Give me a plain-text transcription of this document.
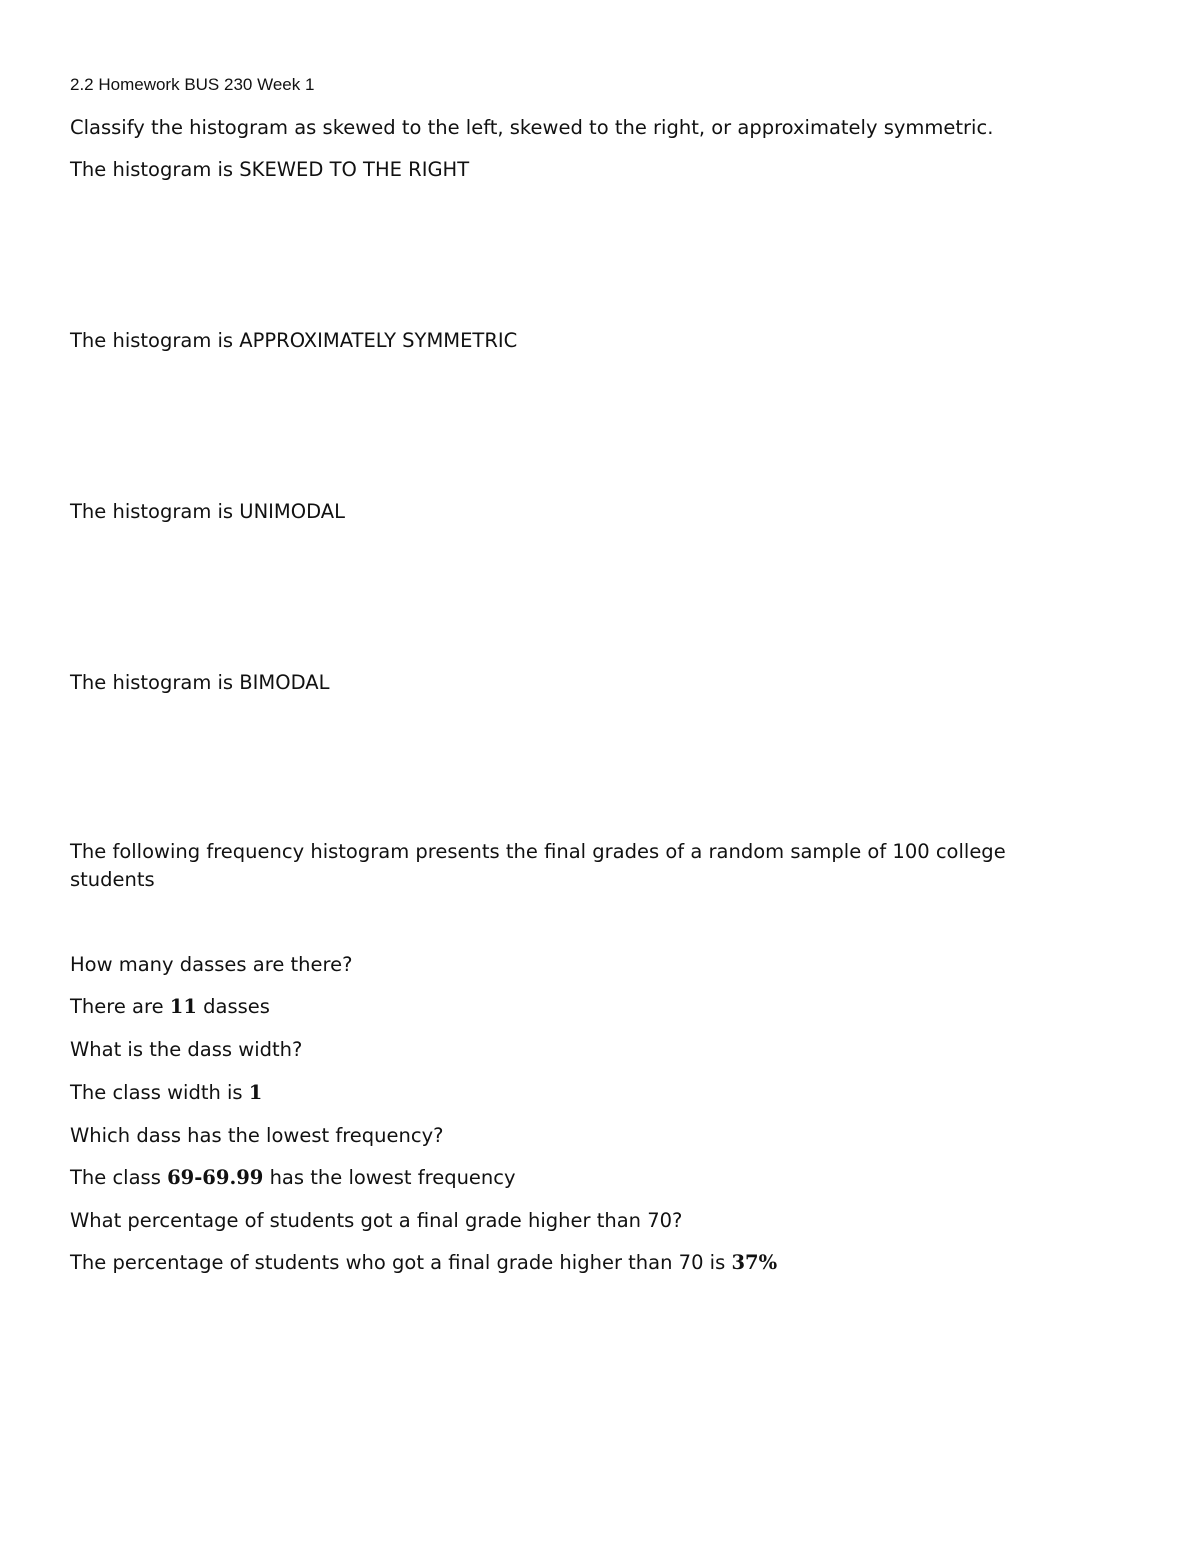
2.2 Homework BUS 230 Week 1
Classify the histogram as skewed to the left, skewed to the right, or approximately symmetric.
The histogram is SKEWED TO THE RIGHT
The histogram is APPROXIMATELY SYMMETRIC
The histogram is UNIMODAL
The histogram is BIMODAL
The following frequency histogram presents the final grades of a random sample of 100 college students
How many dasses are there?
There are 11 dasses
What is the dass width?
The class width is 1
Which dass has the lowest frequency?
The class 69-69.99 has the lowest frequency
What percentage of students got a final grade higher than 70?
The percentage of students who got a final grade higher than 70 is 37%
